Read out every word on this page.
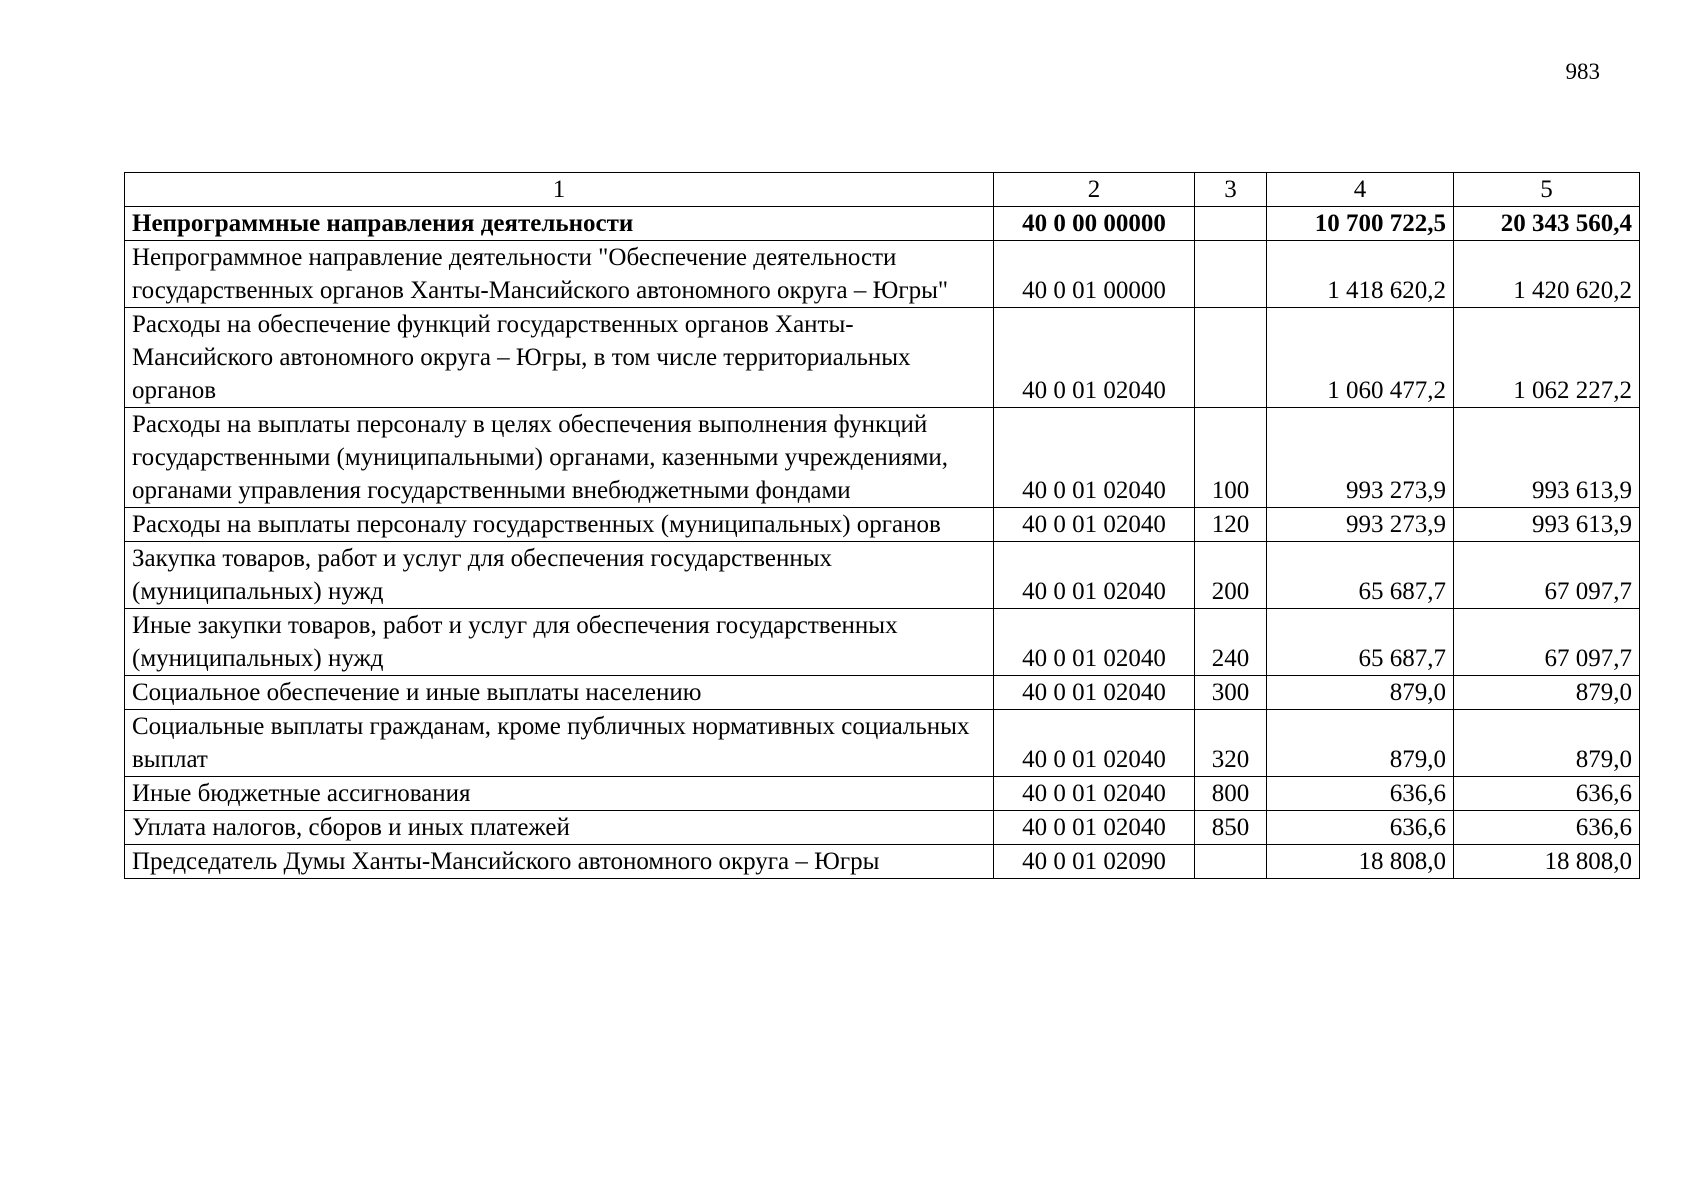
983
1	2	3	4	5
Непрограммные направления деятельности	40 0 00 00000		10 700 722,5	20 343 560,4
Непрограммное направление деятельности "Обеспечение деятельности государственных органов Ханты-Мансийского автономного округа – Югры"	40 0 01 00000		1 418 620,2	1 420 620,2
Расходы на обеспечение функций государственных органов Ханты-Мансийского автономного округа – Югры, в том числе территориальных органов	40 0 01 02040		1 060 477,2	1 062 227,2
Расходы на выплаты персоналу в целях обеспечения выполнения функций государственными (муниципальными) органами, казенными учреждениями, органами управления государственными внебюджетными фондами	40 0 01 02040	100	993 273,9	993 613,9
Расходы на выплаты персоналу государственных (муниципальных) органов	40 0 01 02040	120	993 273,9	993 613,9
Закупка товаров, работ и услуг для обеспечения государственных (муниципальных) нужд	40 0 01 02040	200	65 687,7	67 097,7
Иные закупки товаров, работ и услуг для обеспечения государственных (муниципальных) нужд	40 0 01 02040	240	65 687,7	67 097,7
Социальное обеспечение и иные выплаты населению	40 0 01 02040	300	879,0	879,0
Социальные выплаты гражданам, кроме публичных нормативных социальных выплат	40 0 01 02040	320	879,0	879,0
Иные бюджетные ассигнования	40 0 01 02040	800	636,6	636,6
Уплата налогов, сборов и иных платежей	40 0 01 02040	850	636,6	636,6
Председатель Думы Ханты-Мансийского автономного округа – Югры	40 0 01 02090		18 808,0	18 808,0
